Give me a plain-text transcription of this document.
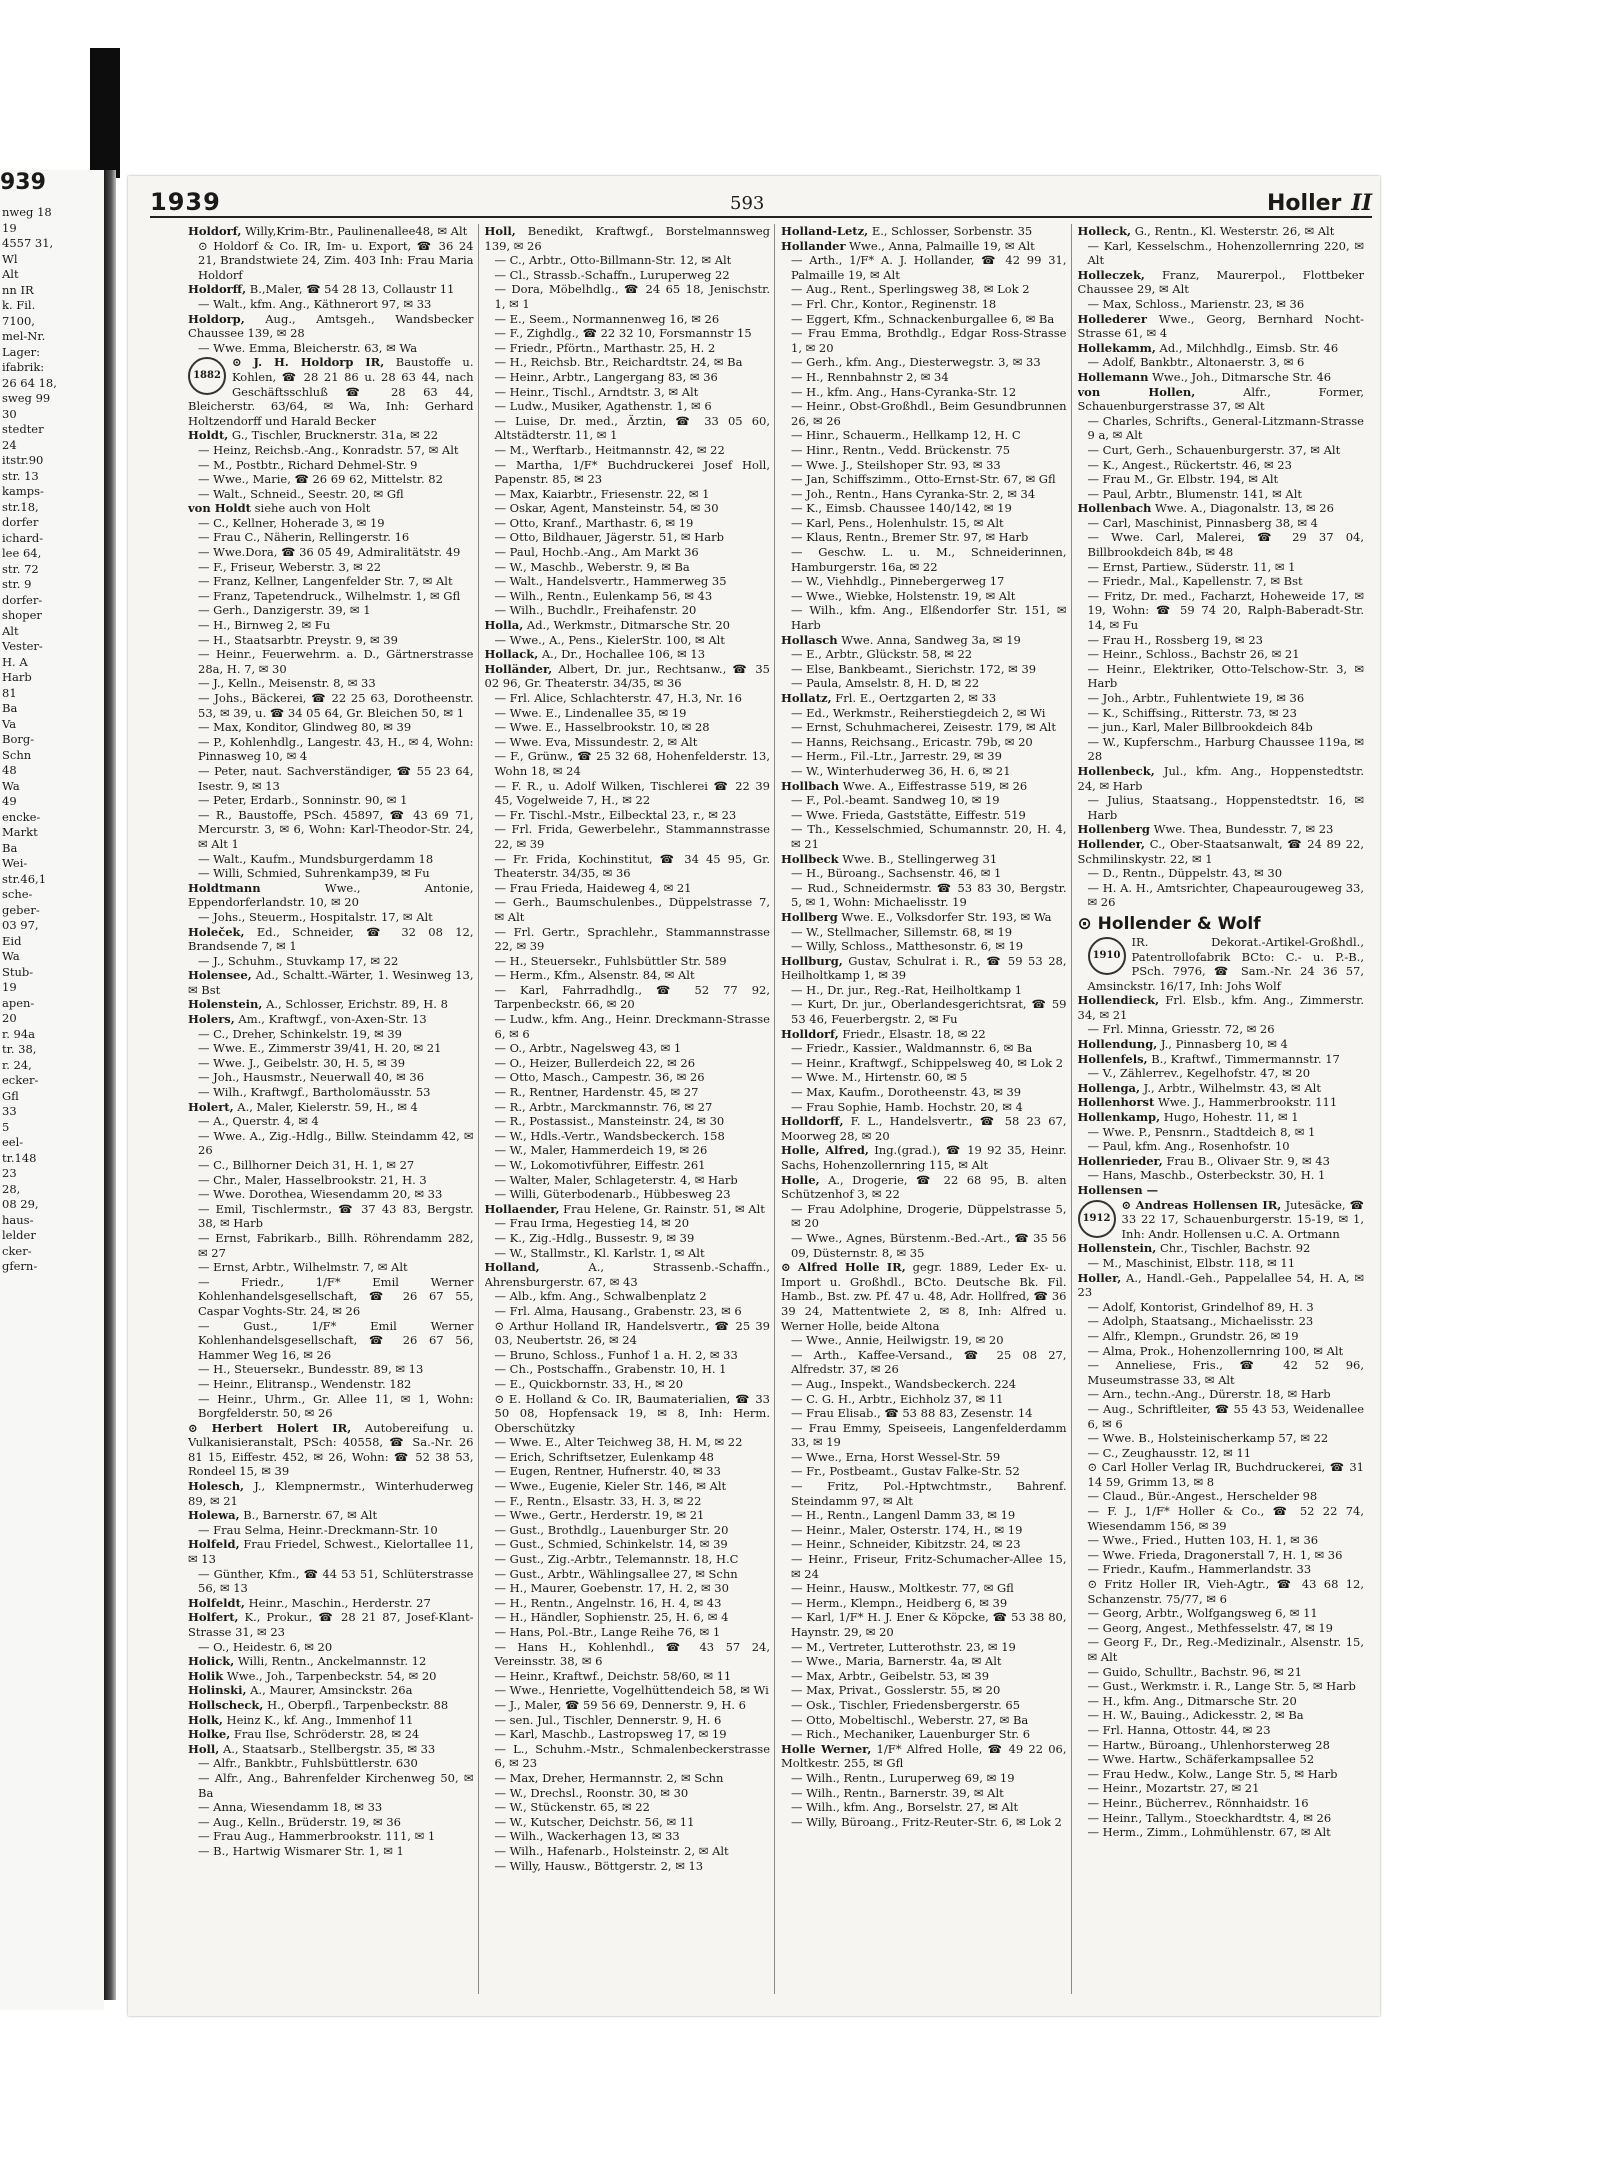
939
nweg 18
19
4557 31,
Wl
Alt
nn IR
k. Fil.
7100,
mel-Nr.
Lager:
ifabrik:
26 64 18,
sweg 99
30
stedter
24
itstr.90
str. 13
kamps-
str.18,
dorfer
ichard-
lee 64,
str. 72
str. 9
dorfer-
shoper
Alt
Vester-
H. A
Harb
81
Ba
Va
Borg-
Schn
48
Wa
49
encke-
Markt
Ba
Wei-
str.46,1
sche-
geber-
03 97,
Eid
Wa
Stub-
19
apen-
20
r. 94a
tr. 38,
r. 24,
ecker-
Gfl
33
5
eel-
tr.148
23
28,
08 29,
haus-
lelder
cker-
gfern-
1939	593	Holler II

Holdorf, Willy,Krim-Btr., Paulinenallee48, ✉ Alt

⊙ Holdorf & Co. IR, Im- u. Export, ☎ 36 24 21, Brandstwiete 24, Zim. 403 Inh: Frau Maria Holdorf

Holdorff, B.,Maler, ☎ 54 28 13, Collaustr 11

— Walt., kfm. Ang., Käthnerort 97, ✉ 33

Holdorp, Aug., Amtsgeh., Wandsbecker Chaussee 139, ✉ 28

— Wwe. Emma, Bleicherstr. 63, ✉ Wa

1882
⊙ J. H. Holdorp IR, Baustoffe u. Kohlen, ☎ 28 21 86 u. 28 63 44, nach Geschäftsschluß ☎ 28 63 44, Bleicherstr. 63/64, ✉ Wa, Inh: Gerhard Holtzendorff und Harald Becker

Holdt, G., Tischler, Brucknerstr. 31a, ✉ 22

— Heinz, Reichsb.-Ang., Konradstr. 57, ✉ Alt

— M., Postbtr., Richard Dehmel-Str. 9

— Wwe., Marie, ☎ 26 69 62, Mittelstr. 82

— Walt., Schneid., Seestr. 20, ✉ Gfl

von Holdt siehe auch von Holt

— C., Kellner, Hoherade 3, ✉ 19

— Frau C., Näherin, Rellingerstr. 16

— Wwe.Dora, ☎ 36 05 49, Admiralitätstr. 49

— F., Friseur, Weberstr. 3, ✉ 22

— Franz, Kellner, Langenfelder Str. 7, ✉ Alt

— Franz, Tapetendruck., Wilhelmstr. 1, ✉ Gfl

— Gerh., Danzigerstr. 39, ✉ 1

— H., Birnweg 2, ✉ Fu

— H., Staatsarbtr. Preystr. 9, ✉ 39

— Heinr., Feuerwehrm. a. D., Gärtnerstrasse 28a, H. 7, ✉ 30

— J., Kelln., Meisenstr. 8, ✉ 33

— Johs., Bäckerei, ☎ 22 25 63, Dorotheenstr. 53, ✉ 39, u. ☎ 34 05 64, Gr. Bleichen 50, ✉ 1

— Max, Konditor, Glindweg 80, ✉ 39

— P., Kohlenhdlg., Langestr. 43, H., ✉ 4, Wohn: Pinnasweg 10, ✉ 4

— Peter, naut. Sachverständiger, ☎ 55 23 64, Isestr. 9, ✉ 13

— Peter, Erdarb., Sonninstr. 90, ✉ 1

— R., Baustoffe, PSch. 45897, ☎ 43 69 71, Mercurstr. 3, ✉ 6, Wohn: Karl-Theodor-Str. 24, ✉ Alt 1

— Walt., Kaufm., Mundsburgerdamm 18

— Willi, Schmied, Suhrenkamp39, ✉ Fu

Holdtmann	Wwe., Antonie, Eppendorferlandstr. 10, ✉ 20

— Johs., Steuerm., Hospitalstr. 17, ✉ Alt

Holeček, Ed., Schneider, ☎ 32 08 12, Brandsende 7, ✉ 1

— J., Schuhm., Stuvkamp 17, ✉ 22

Holensee, Ad., Schaltt.-Wärter, 1. Wesinweg 13, ✉ Bst

Holenstein, A., Schlosser, Erichstr. 89, H. 8

Holers, Am., Kraftwgf., von-Axen-Str. 13

— C., Dreher, Schinkelstr. 19, ✉ 39

— Wwe. E., Zimmerstr 39/41, H. 20, ✉ 21

— Wwe. J., Geibelstr. 30, H. 5, ✉ 39

— Joh., Hausmstr., Neuerwall 40, ✉ 36

— Wilh., Kraftwgf., Bartholomäusstr. 53

Holert, A., Maler, Kielerstr. 59, H., ✉ 4

— A., Querstr. 4, ✉ 4

— Wwe. A., Zig.-Hdlg., Billw. Steindamm 42, ✉ 26

— C., Billhorner Deich 31, H. 1, ✉ 27

— Chr., Maler, Hasselbrookstr. 21, H. 3

— Wwe. Dorothea, Wiesendamm 20, ✉ 33

— Emil, Tischlermstr., ☎ 37 43 83, Bergstr. 38, ✉ Harb

— Ernst, Fabrikarb., Billh. Röhrendamm 282, ✉ 27

— Ernst, Arbtr., Wilhelmstr. 7, ✉ Alt

— Friedr., 1/F* Emil Werner Kohlenhandelsgesellschaft, ☎ 26 67 55, Caspar Voghts-Str. 24, ✉ 26

— Gust., 1/F* Emil Werner Kohlenhandelsgesellschaft, ☎ 26 67 56, Hammer Weg 16, ✉ 26

— H., Steuersekr., Bundesstr. 89, ✉ 13

— Heinr., Elitransp., Wendenstr. 182

— Heinr., Uhrm., Gr. Allee 11, ✉ 1, Wohn: Borgfelderstr. 50, ✉ 26

⊙ Herbert Holert IR, Autobereifung u. Vulkanisieranstalt, PSch: 40558, ☎ Sa.-Nr. 26 81 15, Eiffestr. 452, ✉ 26, Wohn: ☎ 52 38 53, Rondeel 15, ✉ 39

Holesch, J., Klempnermstr., Winterhuderweg 89, ✉ 21

Holewa, B., Barnerstr. 67, ✉ Alt

— Frau Selma, Heinr.-Dreckmann-Str. 10

Holfeld, Frau Friedel, Schwest., Kielortallee 11, ✉ 13

— Günther, Kfm., ☎ 44 53 51, Schlüterstrasse 56, ✉ 13

Holfeldt, Heinr., Maschin., Herderstr. 27

Holfert, K., Prokur., ☎ 28 21 87, Josef-Klant-Strasse 31, ✉ 23

— O., Heidestr. 6, ✉ 20

Holick, Willi, Rentn., Anckelmannstr. 12

Holik Wwe., Joh., Tarpenbeckstr. 54, ✉ 20

Holinski, A., Maurer, Amsinckstr. 26a

Hollscheck, H., Oberpfl., Tarpenbeckstr. 88

Holk, Heinz K., kf. Ang., Immenhof 11

Holke, Frau Ilse, Schröderstr. 28, ✉ 24

Holl, A., Staatsarb., Stellbergstr. 35, ✉ 33

— Alfr., Bankbtr., Fuhlsbüttlerstr. 630

— Alfr., Ang., Bahrenfelder Kirchenweg 50, ✉ Ba

— Anna, Wiesendamm 18, ✉ 33

— Aug., Kelln., Brüderstr. 19, ✉ 36

— Frau Aug., Hammerbrookstr. 111, ✉ 1

— B., Hartwig Wismarer Str. 1, ✉ 1

Holl, Benedikt, Kraftwgf., Borstelmannsweg 139, ✉ 26

— C., Arbtr., Otto-Billmann-Str. 12, ✉ Alt

— Cl., Strassb.-Schaffn., Luruperweg 22

— Dora, Möbelhdlg., ☎ 24 65 18, Jenischstr. 1, ✉ 1

— E., Seem., Normannenweg 16, ✉ 26

— F., Zighdlg., ☎ 22 32 10, Forsmannstr 15

— Friedr., Pförtn., Marthastr. 25, H. 2

— H., Reichsb. Btr., Reichardtstr. 24, ✉ Ba

— Heinr., Arbtr., Langergang 83, ✉ 36

— Heinr., Tischl., Arndtstr. 3, ✉ Alt

— Ludw., Musiker, Agathenstr. 1, ✉ 6

— Luise, Dr. med., Ärztin, ☎ 33 05 60, Altstädterstr. 11, ✉ 1

— M., Werftarb., Heitmannstr. 42, ✉ 22

— Martha, 1/F* Buchdruckerei Josef Holl, Papenstr. 85, ✉ 23

— Max, Kaiarbtr., Friesenstr. 22, ✉ 1

— Oskar, Agent, Mansteinstr. 54, ✉ 30

— Otto, Kranf., Marthastr. 6, ✉ 19

— Otto, Bildhauer, Jägerstr. 51, ✉ Harb

— Paul, Hochb.-Ang., Am Markt 36

— W., Maschb., Weberstr. 9, ✉ Ba

— Walt., Handelsvertr., Hammerweg 35

— Wilh., Rentn., Eulenkamp 56, ✉ 43

— Wilh., Buchdlr., Freihafenstr. 20

Holla, Ad., Werkmstr., Ditmarsche Str. 20

— Wwe., A., Pens., KielerStr. 100, ✉ Alt

Hollack, A., Dr., Hochallee 106, ✉ 13

Holländer, Albert, Dr. jur., Rechtsanw., ☎ 35 02 96, Gr. Theaterstr. 34/35, ✉ 36

— Frl. Alice, Schlachterstr. 47, H.3, Nr. 16

— Wwe. E., Lindenallee 35, ✉ 19

— Wwe. E., Hasselbrookstr. 10, ✉ 28

— Wwe. Eva, Missundestr. 2, ✉ Alt

— F., Grünw., ☎ 25 32 68, Hohenfelderstr. 13, Wohn 18, ✉ 24

— F. R., u. Adolf Wilken, Tischlerei ☎ 22 39 45, Vogelweide 7, H., ✉ 22

— Fr. Tischl.-Mstr., Eilbecktal 23, r., ✉ 23

— Frl. Frida, Gewerbelehr., Stammannstrasse 22, ✉ 39

— Fr. Frida, Kochinstitut, ☎ 34 45 95, Gr. Theaterstr. 34/35, ✉ 36

— Frau Frieda, Haideweg 4, ✉ 21

— Gerh., Baumschulenbes., Düppelstrasse 7, ✉ Alt

— Frl. Gertr., Sprachlehr., Stammannstrasse 22, ✉ 39

— H., Steuersekr., Fuhlsbüttler Str. 589

— Herm., Kfm., Alsenstr. 84, ✉ Alt

— Karl, Fahrradhdlg., ☎ 52 77 92, Tarpenbeckstr. 66, ✉ 20

— Ludw., kfm. Ang., Heinr. Dreckmann-Strasse 6, ✉ 6

— O., Arbtr., Nagelsweg 43, ✉ 1

— O., Heizer, Bullerdeich 22, ✉ 26

— Otto, Masch., Campestr. 36, ✉ 26

— R., Rentner, Hardenstr. 45, ✉ 27

— R., Arbtr., Marckmannstr. 76, ✉ 27

— R., Postassist., Mansteinstr. 24, ✉ 30

— W., Hdls.-Vertr., Wandsbeckerch. 158

— W., Maler, Hammerdeich 19, ✉ 26

— W., Lokomotivführer, Eiffestr. 261

— Walter, Maler, Schlageterstr. 4, ✉ Harb

— Willi, Güterbodenarb., Hübbesweg 23

Hollaender, Frau Helene, Gr. Rainstr. 51, ✉ Alt

— Frau Irma, Hegestieg 14, ✉ 20

— K., Zig.-Hdlg., Bussestr. 9, ✉ 39

— W., Stallmstr., Kl. Karlstr. 1, ✉ Alt

Holland,	A., Strassenb.-Schaffn., Ahrensburgerstr. 67, ✉ 43

— Alb., kfm. Ang., Schwalbenplatz 2

— Frl. Alma, Hausang., Grabenstr. 23, ✉ 6

⊙ Arthur Holland IR, Handelsvertr., ☎ 25 39 03, Neubertstr. 26, ✉ 24

— Bruno, Schloss., Funhof 1 a. H. 2, ✉ 33

— Ch., Postschaffn., Grabenstr. 10, H. 1

— E., Quickbornstr. 33, H., ✉ 20

⊙ E. Holland & Co. IR, Baumaterialien, ☎ 33 50 08, Hopfensack 19, ✉ 8, Inh: Herm. Oberschützky

— Wwe. E., Alter Teichweg 38, H. M, ✉ 22

— Erich, Schriftsetzer, Eulenkamp 48

— Eugen, Rentner, Hufnerstr. 40, ✉ 33

— Wwe., Eugenie, Kieler Str. 146, ✉ Alt

— F., Rentn., Elsastr. 33, H. 3, ✉ 22

— Wwe., Gertr., Herderstr. 19, ✉ 21

— Gust., Brothdlg., Lauenburger Str. 20

— Gust., Schmied, Schinkelstr. 14, ✉ 39

— Gust., Zig.-Arbtr., Telemannstr. 18, H.C

— Gust., Arbtr., Wählingsallee 27, ✉ Schn

— H., Maurer, Goebenstr. 17, H. 2, ✉ 30

— H., Rentn., Angelnstr. 16, H. 4, ✉ 43

— H., Händler, Sophienstr. 25, H. 6, ✉ 4

— Hans, Pol.-Btr., Lange Reihe 76, ✉ 1

— Hans H., Kohlenhdl., ☎ 43 57 24, Vereinsstr. 38, ✉ 6

— Heinr., Kraftwf., Deichstr. 58/60, ✉ 11

— Wwe., Henriette, Vogelhüttendeich 58, ✉ Wi

— J., Maler, ☎ 59 56 69, Dennerstr. 9, H. 6

— sen. Jul., Tischler, Dennerstr. 9, H. 6

— Karl, Maschb., Lastropsweg 17, ✉ 19

— L., Schuhm.-Mstr., Schmalenbeckerstrasse 6, ✉ 23

— Max, Dreher, Hermannstr. 2, ✉ Schn

— W., Drechsl., Roonstr. 30, ✉ 30

— W., Stückenstr. 65, ✉ 22

— W., Kutscher, Deichstr. 56, ✉ 11

— Wilh., Wackerhagen 13, ✉ 33

— Wilh., Hafenarb., Holsteinstr. 2, ✉ Alt

— Willy, Hausw., Böttgerstr. 2, ✉ 13

Holland-Letz, E., Schlosser, Sorbenstr. 35

Hollander Wwe., Anna, Palmaille 19, ✉ Alt

— Arth., 1/F* A. J. Hollander, ☎ 42 99 31, Palmaille 19, ✉ Alt

— Aug., Rent., Sperlingsweg 38, ✉ Lok 2

— Frl. Chr., Kontor., Reginenstr. 18

— Eggert, Kfm., Schnackenburgallee 6, ✉ Ba

— Frau Emma, Brothdlg., Edgar Ross-Strasse 1, ✉ 20

— Gerh., kfm. Ang., Diesterwegstr. 3, ✉ 33

— H., Rennbahnstr 2, ✉ 34

— H., kfm. Ang., Hans-Cyranka-Str. 12

— Heinr., Obst-Großhdl., Beim Gesundbrunnen 26, ✉ 26

— Hinr., Schauerm., Hellkamp 12, H. C

— Hinr., Rentn., Vedd. Brückenstr. 75

— Wwe. J., Steilshoper Str. 93, ✉ 33

— Jan, Schiffszimm., Otto-Ernst-Str. 67, ✉ Gfl

— Joh., Rentn., Hans Cyranka-Str. 2, ✉ 34

— K., Eimsb. Chaussee 140/142, ✉ 19

— Karl, Pens., Holenhulstr. 15, ✉ Alt

— Klaus, Rentn., Bremer Str. 97, ✉ Harb

— Geschw. L. u. M., Schneiderinnen, Hamburgerstr. 16a, ✉ 22

— W., Viehhdlg., Pinnebergerweg 17

— Wwe., Wiebke, Holstenstr. 19, ✉ Alt

— Wilh., kfm. Ang., Elßendorfer Str. 151, ✉ Harb

Hollasch Wwe. Anna, Sandweg 3a, ✉ 19

— E., Arbtr., Glückstr. 58, ✉ 22

— Else, Bankbeamt., Sierichstr. 172, ✉ 39

— Paula, Amselstr. 8, H. D, ✉ 22

Hollatz, Frl. E., Oertzgarten 2, ✉ 33

— Ed., Werkmstr., Reiherstiegdeich 2, ✉ Wi

— Ernst, Schuhmacherei, Zeisestr. 179, ✉ Alt

— Hanns, Reichsang., Ericastr. 79b, ✉ 20

— Herm., Fil.-Ltr., Jarrestr. 29, ✉ 39

— W., Winterhuderweg 36, H. 6, ✉ 21

Hollbach Wwe. A., Eiffestrasse 519, ✉ 26

— F., Pol.-beamt. Sandweg 10, ✉ 19

— Wwe. Frieda, Gaststätte, Eiffestr. 519

— Th., Kesselschmied, Schumannstr. 20, H. 4, ✉ 21

Hollbeck Wwe. B., Stellingerweg 31

— H., Büroang., Sachsenstr. 46, ✉ 1

— Rud., Schneidermstr. ☎ 53 83 30, Bergstr. 5, ✉ 1, Wohn: Michaelisstr. 19

Hollberg Wwe. E., Volksdorfer Str. 193, ✉ Wa

— W., Stellmacher, Sillemstr. 68, ✉ 19

— Willy, Schloss., Matthesonstr. 6, ✉ 19

Hollburg, Gustav, Schulrat i. R., ☎ 59 53 28, Heilholtkamp 1, ✉ 39

— H., Dr. jur., Reg.-Rat, Heilholtkamp 1

— Kurt, Dr. jur., Oberlandesgerichtsrat, ☎ 59 53 46, Feuerbergstr. 2, ✉ Fu

Holldorf, Friedr., Elsastr. 18, ✉ 22

— Friedr., Kassier., Waldmannstr. 6, ✉ Ba

— Heinr., Kraftwgf., Schippelsweg 40, ✉ Lok 2

— Wwe. M., Hirtenstr. 60, ✉ 5

— Max, Kaufm., Dorotheenstr. 43, ✉ 39

— Frau Sophie, Hamb. Hochstr. 20, ✉ 4

Holldorff, F. L., Handelsvertr., ☎ 58 23 67, Moorweg 28, ✉ 20

Holle, Alfred, Ing.(grad.), ☎ 19 92 35, Heinr. Sachs, Hohenzollernring 115, ✉ Alt

Holle, A., Drogerie, ☎ 22 68 95, B. alten Schützenhof 3, ✉ 22

— Frau Adolphine, Drogerie, Düppelstrasse 5, ✉ 20

— Wwe., Agnes, Bürstenm.-Bed.-Art., ☎ 35 56 09, Düsternstr. 8, ✉ 35

⊙ Alfred Holle IR, gegr. 1889, Leder Ex- u. Import u. Großhdl., BCto. Deutsche Bk. Fil. Hamb., Bst. zw. Pf. 47 u. 48, Adr. Hollfred, ☎ 36 39 24, Mattentwiete 2, ✉ 8, Inh: Alfred u. Werner Holle, beide Altona

— Wwe., Annie, Heilwigstr. 19, ✉ 20

— Arth., Kaffee-Versand., ☎ 25 08 27, Alfredstr. 37, ✉ 26

— Aug., Inspekt., Wandsbeckerch. 224

— C. G. H., Arbtr., Eichholz 37, ✉ 11

— Frau Elisab., ☎ 53 88 83, Zesenstr. 14

— Frau Emmy, Speiseeis, Langenfelderdamm 33, ✉ 19

— Wwe., Erna, Horst Wessel-Str. 59

— Fr., Postbeamt., Gustav Falke-Str. 52

— Fritz, Pol.-Hptwchtmstr., Bahrenf. Steindamm 97, ✉ Alt

— H., Rentn., Langenl Damm 33, ✉ 19

— Heinr., Maler, Osterstr. 174, H., ✉ 19

— Heinr., Schneider, Kibitzstr. 24, ✉ 23

— Heinr., Friseur, Fritz-Schumacher-Allee 15, ✉ 24

— Heinr., Hausw., Moltkestr. 77, ✉ Gfl

— Herm., Klempn., Heidberg 6, ✉ 39

— Karl, 1/F* H. J. Ener & Köpcke, ☎ 53 38 80, Haynstr. 29, ✉ 20

— M., Vertreter, Lutterothstr. 23, ✉ 19

— Wwe., Maria, Barnerstr. 4a, ✉ Alt

— Max, Arbtr., Geibelstr. 53, ✉ 39

— Max, Privat., Gosslerstr. 55, ✉ 20

— Osk., Tischler, Friedensbergerstr. 65

— Otto, Mobeltischl., Weberstr. 27, ✉ Ba

— Rich., Mechaniker, Lauenburger Str. 6

Holle Werner, 1/F* Alfred Holle, ☎ 49 22 06, Moltkestr. 255, ✉ Gfl

— Wilh., Rentn., Luruperweg 69, ✉ 19

— Wilh., Rentn., Barnerstr. 39, ✉ Alt

— Wilh., kfm. Ang., Borselstr. 27, ✉ Alt

— Willy, Büroang., Fritz-Reuter-Str. 6, ✉ Lok 2

Holleck, G., Rentn., Kl. Westerstr. 26, ✉ Alt

— Karl, Kesselschm., Hohenzollernring 220, ✉ Alt

Holleczek, Franz, Maurerpol., Flottbeker Chaussee 29, ✉ Alt

— Max, Schloss., Marienstr. 23, ✉ 36

Hollederer Wwe., Georg, Bernhard Nocht-Strasse 61, ✉ 4

Hollekamm, Ad., Milchhdlg., Eimsb. Str. 46

— Adolf, Bankbtr., Altonaerstr. 3, ✉ 6

Hollemann Wwe., Joh., Ditmarsche Str. 46

von Hollen,	Alfr., Former, Schauenburgerstrasse 37, ✉ Alt

— Charles, Schrifts., General-Litzmann-Strasse 9 a, ✉ Alt

— Curt, Gerh., Schauenburgerstr. 37, ✉ Alt

— K., Angest., Rückertstr. 46, ✉ 23

— Frau M., Gr. Elbstr. 194, ✉ Alt

— Paul, Arbtr., Blumenstr. 141, ✉ Alt

Hollenbach Wwe. A., Diagonalstr. 13, ✉ 26

— Carl, Maschinist, Pinnasberg 38, ✉ 4

— Wwe. Carl, Malerei, ☎ 29 37 04, Billbrookdeich 84b, ✉ 48

— Ernst, Partiew., Süderstr. 11, ✉ 1

— Friedr., Mal., Kapellenstr. 7, ✉ Bst

— Fritz, Dr. med., Facharzt, Hoheweide 17, ✉ 19, Wohn: ☎ 59 74 20, Ralph-Baberadt-Str. 14, ✉ Fu

— Frau H., Rossberg 19, ✉ 23

— Heinr., Schloss., Bachstr 26, ✉ 21

— Heinr., Elektriker, Otto-Telschow-Str. 3, ✉ Harb

— Joh., Arbtr., Fuhlentwiete 19, ✉ 36

— K., Schiffsing., Ritterstr. 73, ✉ 23

— jun., Karl, Maler Billbrookdeich 84b

— W., Kupferschm., Harburg Chaussee 119a, ✉ 28

Hollenbeck, Jul., kfm. Ang., Hoppenstedtstr. 24, ✉ Harb

— Julius, Staatsang., Hoppenstedtstr. 16, ✉ Harb

Hollenberg Wwe. Thea, Bundesstr. 7, ✉ 23

Hollender, C., Ober-Staatsanwalt, ☎ 24 89 22, Schmilinskystr. 22, ✉ 1

— D., Rentn., Düppelstr. 43, ✉ 30

— H. A. H., Amtsrichter, Chapeaurougeweg 33, ✉ 26

⊙ Hollender & Wolf

1910
IR. Dekorat.-Artikel-Großhdl., Patentrollofabrik BCto: C.- u. P.-B., PSch. 7976, ☎ Sam.-Nr. 24 36 57, Amsinckstr. 16/17, Inh: Johs Wolf

Hollendieck, Frl. Elsb., kfm. Ang., Zimmerstr. 34, ✉ 21

— Frl. Minna, Griesstr. 72, ✉ 26

Hollendung, J., Pinnasberg 10, ✉ 4

Hollenfels, B., Kraftwf., Timmermannstr. 17

— V., Zählerrev., Kegelhofstr. 47, ✉ 20

Hollenga, J., Arbtr., Wilhelmstr. 43, ✉ Alt

Hollenhorst Wwe. J., Hammerbrookstr. 111

Hollenkamp, Hugo, Hohestr. 11, ✉ 1

— Wwe. P., Pensnrn., Stadtdeich 8, ✉ 1

— Paul, kfm. Ang., Rosenhofstr. 10

Hollenrieder, Frau B., Olivaer Str. 9, ✉ 43

— Hans, Maschb., Osterbeckstr. 30, H. 1

Hollensen —

1912
⊙ Andreas Hollensen IR, Jutesäcke, ☎ 33 22 17, Schauenburgerstr. 15-19, ✉ 1, Inh: Andr. Hollensen u.C. A. Ortmann

Hollenstein, Chr., Tischler, Bachstr. 92

— M., Maschinist, Elbstr. 118, ✉ 11

Holler, A., Handl.-Geh., Pappelallee 54, H. A, ✉ 23

— Adolf, Kontorist, Grindelhof 89, H. 3

— Adolph, Staatsang., Michaelisstr. 23

— Alfr., Klempn., Grundstr. 26, ✉ 19

— Alma, Prok., Hohenzollernring 100, ✉ Alt

— Anneliese, Fris., ☎ 42 52 96, Museumstrasse 33, ✉ Alt

— Arn., techn.-Ang., Dürerstr. 18, ✉ Harb

— Aug., Schriftleiter, ☎ 55 43 53, Weidenallee 6, ✉ 6

— Wwe. B., Holsteinischerkamp 57, ✉ 22

— C., Zeughausstr. 12, ✉ 11

⊙ Carl Holler Verlag IR, Buchdruckerei, ☎ 31 14 59, Grimm 13, ✉ 8

— Claud., Bür.-Angest., Herschelder 98

— F. J., 1/F* Holler & Co., ☎ 52 22 74, Wiesendamm 156, ✉ 39

— Wwe., Fried., Hutten 103, H. 1, ✉ 36

— Wwe. Frieda, Dragonerstall 7, H. 1, ✉ 36

— Friedr., Kaufm., Hammerlandstr. 33

⊙ Fritz Holler IR, Vieh-Agtr., ☎ 43 68 12, Schanzenstr. 75/77, ✉ 6

— Georg, Arbtr., Wolfgangsweg 6, ✉ 11

— Georg, Angest., Methfesselstr. 47, ✉ 19

— Georg F., Dr., Reg.-Medizinalr., Alsenstr. 15, ✉ Alt

— Guido, Schulltr., Bachstr. 96, ✉ 21

— Gust., Werkmstr. i. R., Lange Str. 5, ✉ Harb

— H., kfm. Ang., Ditmarsche Str. 20

— H. W., Bauing., Adickesstr. 2, ✉ Ba

— Frl. Hanna, Ottostr. 44, ✉ 23

— Hartw., Büroang., Uhlenhorsterweg 28

— Wwe. Hartw., Schäferkampsallee 52

— Frau Hedw., Kolw., Lange Str. 5, ✉ Harb

— Heinr., Mozartstr. 27, ✉ 21

— Heinr., Bücherrev., Rönnhaidstr. 16

— Heinr., Tallym., Stoeckhardtstr. 4, ✉ 26

— Herm., Zimm., Lohmühlenstr. 67, ✉ Alt
